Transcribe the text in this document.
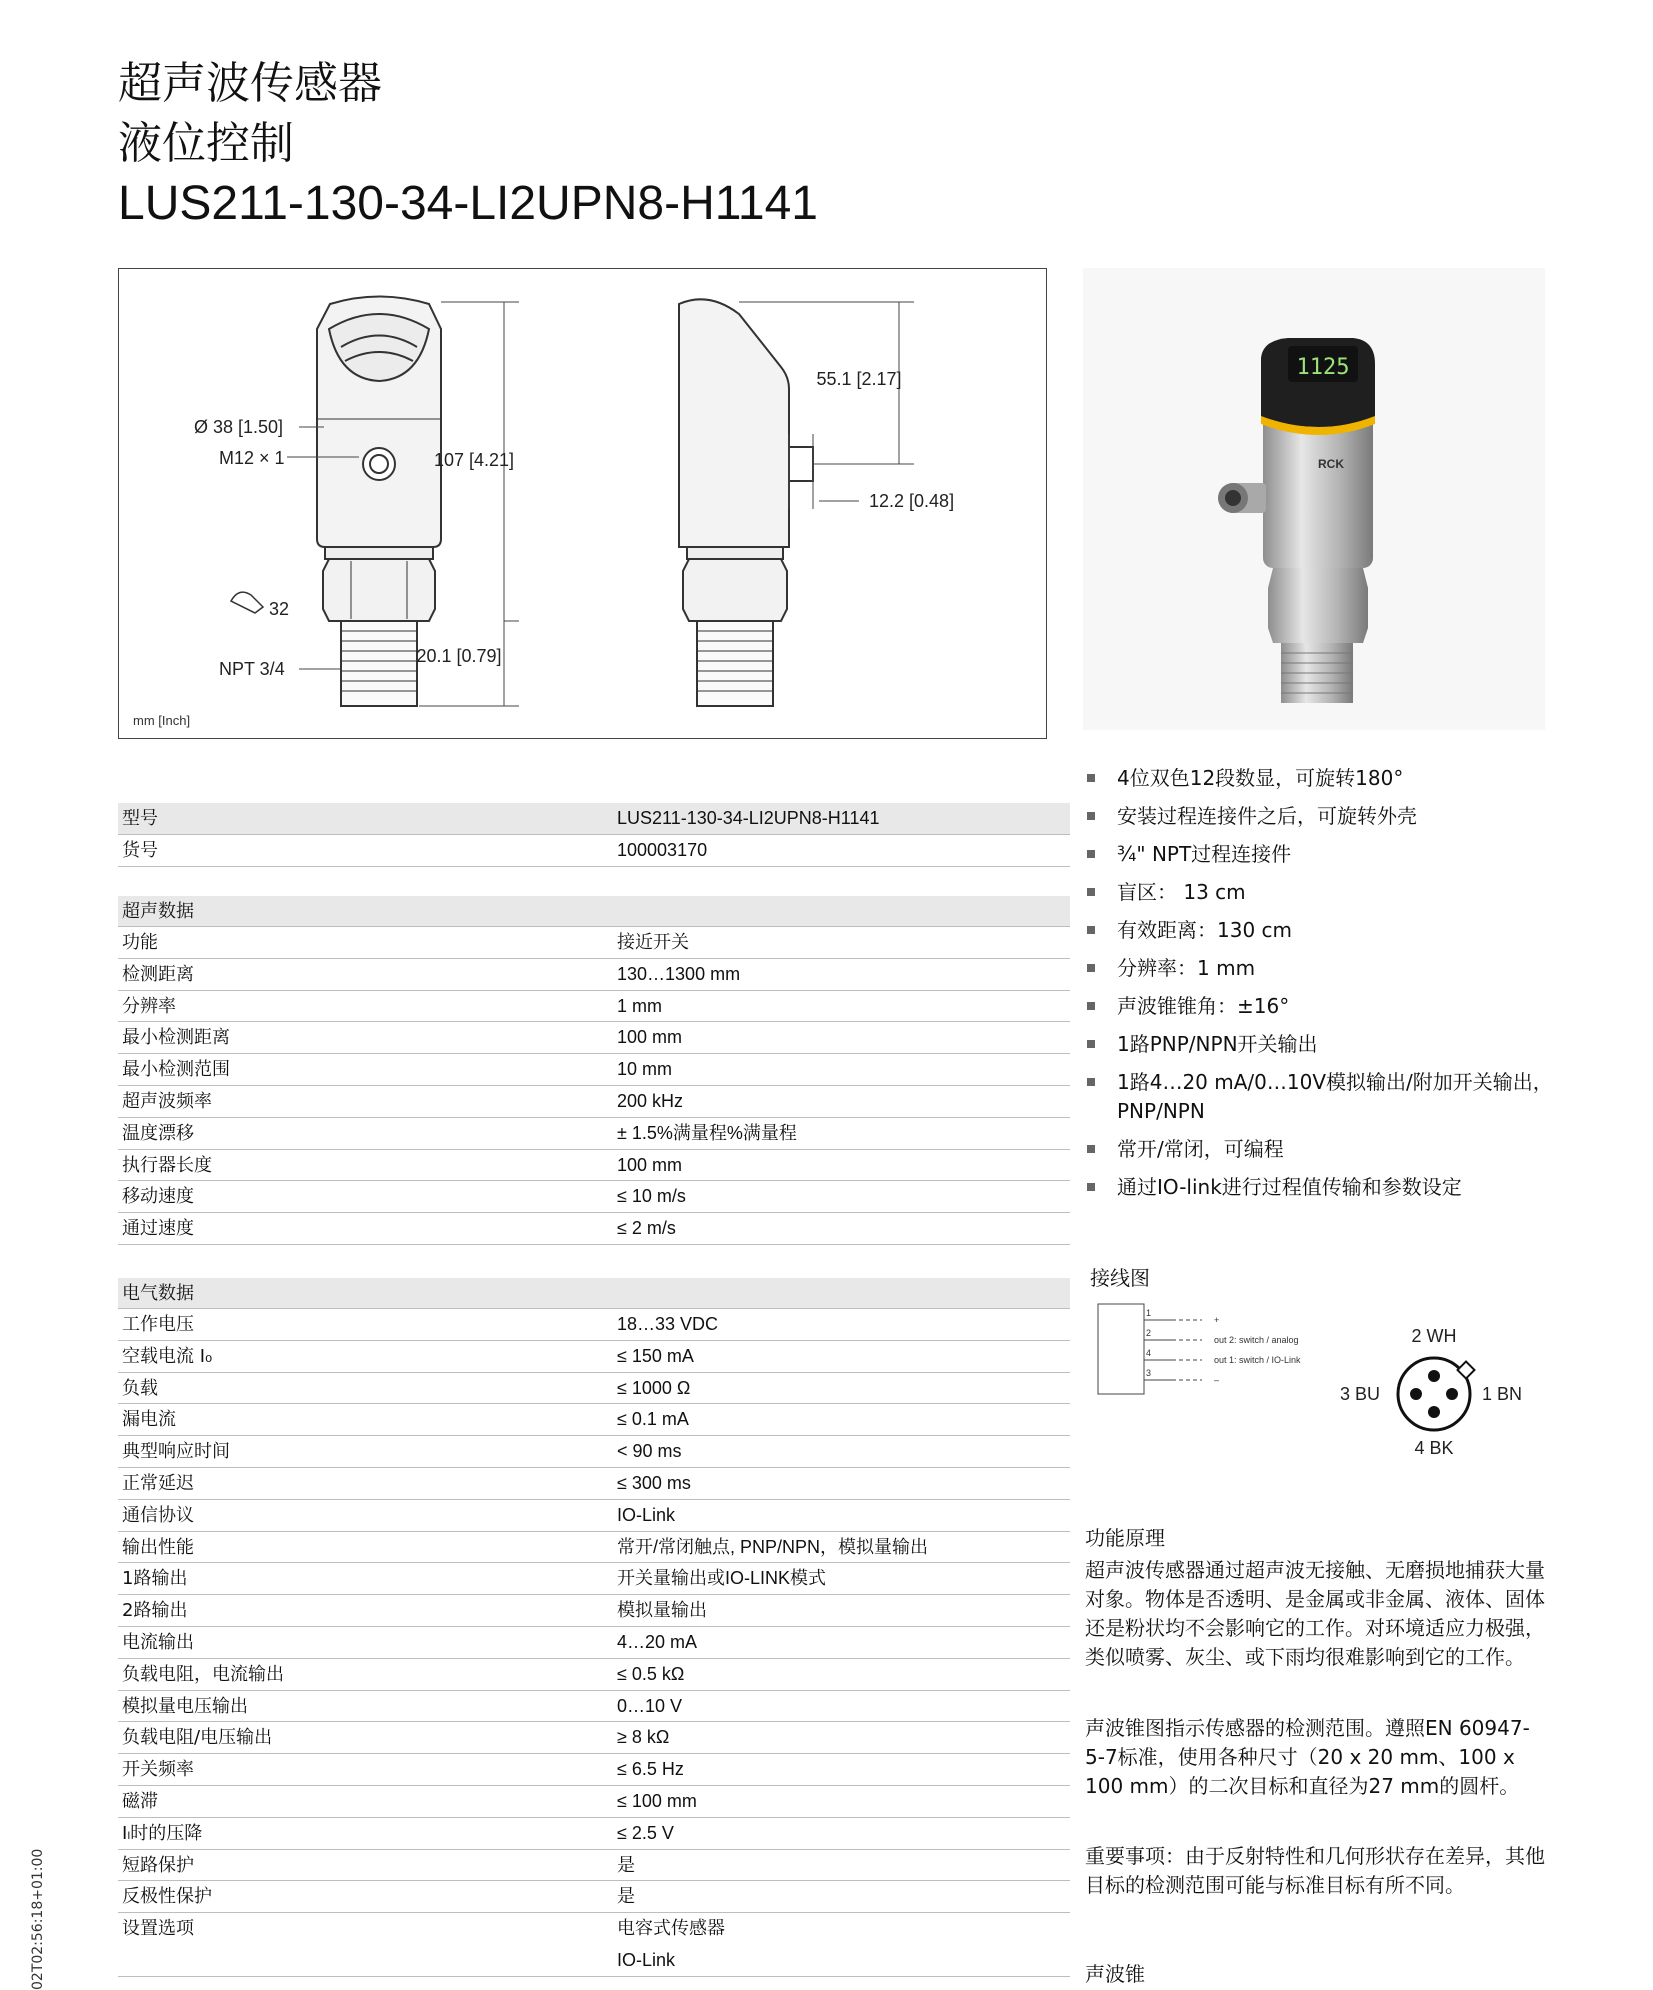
超声波传感器
液位控制
LUS211-130-34-LI2UPN8-H1141
Ø 38 [1.50]
M12 × 1	107 [4.21]
32
NPT 3/4
20.1 [0.79]
55.1 [2.17]
12.2 [0.48]
mm [Inch]
1125
RCK
4位双色12段数显，可旋转180°
安装过程连接件之后，可旋转外壳
¾" NPT过程连接件
盲区： 13 cm
有效距离：130 cm
分辨率：1 mm
声波锥锥角：±16°
1路PNP/NPN开关输出
1路4…20 mA/0…10V模拟输出/附加开关输出，PNP/NPN
常开/常闭，可编程
通过IO-link进行过程值传输和参数设定
型号	LUS211-130-34-LI2UPN8-H1141
货号	100003170
超声数据
功能	接近开关
检测距离	130…1300 mm
分辨率	1 mm
最小检测距离	100 mm
最小检测范围	10 mm
超声波频率	200 kHz
温度漂移	± 1.5%满量程%满量程
执行器长度	100 mm
移动速度	≤ 10 m/s
通过速度	≤ 2 m/s
电气数据
工作电压	18…33 VDC
空载电流 I₀	≤ 150 mA
负载	≤ 1000 Ω
漏电流	≤ 0.1 mA
典型响应时间	< 90 ms
正常延迟	≤ 300 ms
通信协议	IO-Link
输出性能	常开/常闭触点, PNP/NPN，模拟量输出
1路输出	开关量输出或IO-LINK模式
2路输出	模拟量输出
电流输出	4…20 mA
负载电阻，电流输出	≤ 0.5 kΩ
模拟量电压输出	0…10 V
负载电阻/电压输出	≥ 8 kΩ
开关频率	≤ 6.5 Hz
磁滞	≤ 100 mm
Iₗ时的压降	≤ 2.5 V
短路保护	是
反极性保护	是
设置选项	电容式传感器
IO-Link
接线图
1
2
4
3
+
out 2: switch / analog
out 1: switch / IO-Link
–
2 WH
3 BU	1 BN
4 BK
功能原理
超声波传感器通过超声波无接触、无磨损地捕获大量对象。物体是否透明、是金属或非金属、液体、固体还是粉状均不会影响它的工作。对环境适应力极强，类似喷雾、灰尘、或下雨均很难影响到它的工作。
声波锥图指示传感器的检测范围。遵照EN 60947-5-7标准，使用各种尺寸（20 x 20 mm、100 x 100 mm）的二次目标和直径为27 mm的圆杆。
重要事项：由于反射特性和几何形状存在差异，其他目标的检测范围可能与标准目标有所不同。
声波锥
02T02:56:18+01:00
